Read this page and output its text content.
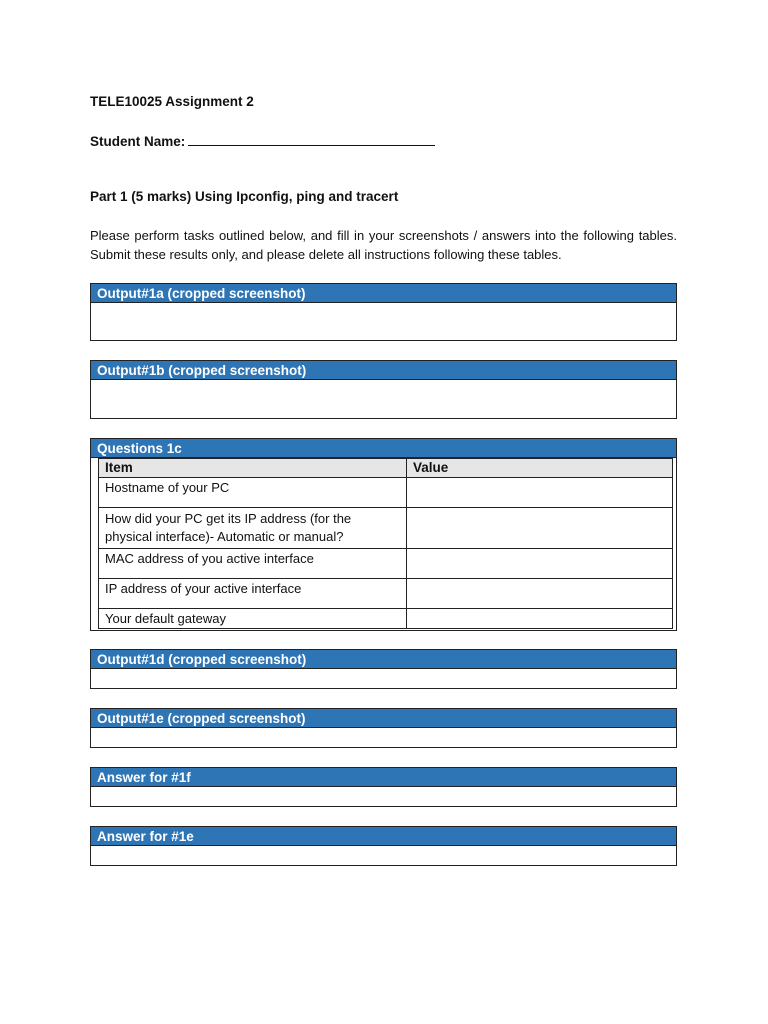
TELE10025 Assignment 2
Student Name:
Part 1 (5 marks) Using Ipconfig, ping and tracert
Please perform tasks outlined below, and fill in your screenshots / answers into the following tables. Submit these results only, and please delete all instructions following these tables.
Output#1a (cropped screenshot)
Output#1b (cropped screenshot)
Questions 1c
Item	Value
Hostname of your PC	
How did your PC get its IP address (for the physical interface)- Automatic or manual?	
MAC address of you active interface	
IP address of your active interface	
Your default gateway	
Output#1d (cropped screenshot)
Output#1e (cropped screenshot)
Answer for #1f
Answer for #1e
